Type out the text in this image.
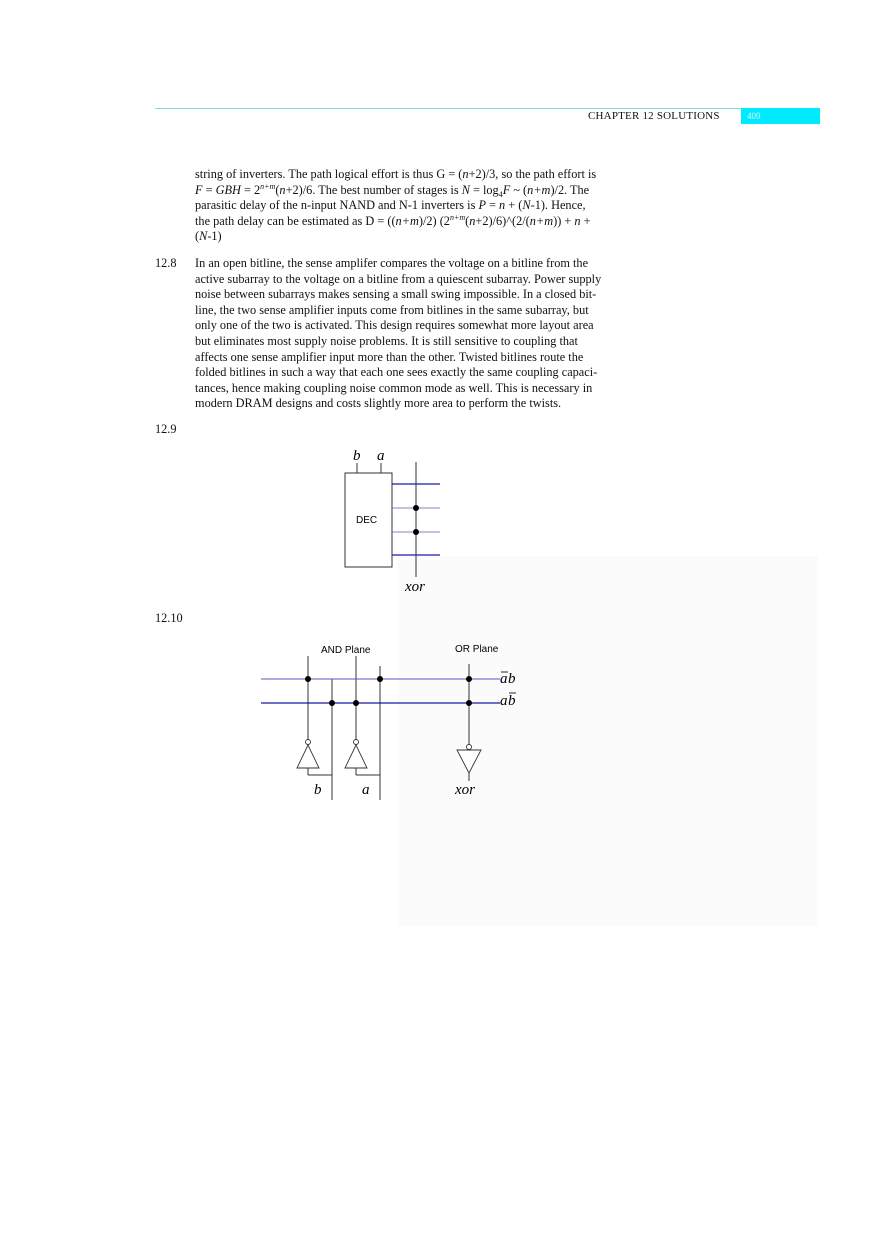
CHAPTER 12 SOLUTIONS	409
string of inverters. The path logical effort is thus G = (n+2)/3, so the path effort is
F = GBH = $2^{n+m}(n+2)/6$. The best number of stages is $N = \log_4F$ ~ (n+m)/2. The
parasitic delay of the n-input NAND and N-1 inverters is P = n + (N-1). Hence,
the path delay can be estimated as D = ((n+m)/2) $(2^{n+m}(n+2)/6)\^{}(2/(n+m)) + n$ +
(N-1)
12.8 In an open bitline, the sense amplifer compares the voltage on a bitline from the
active subarray to the voltage on a bitline from a quiescent subarray. Power supply
noise between subarrays makes sensing a small swing impossible. In a closed bit-
line, the two sense amplifier inputs come from bitlines in the same subarray, but
only one of the two is activated. This design requires somewhat more layout area
but eliminates most supply noise problems. It is still sensitive to coupling that
affects one sense amplifier input more than the other. Twisted bitlines route the
folded bitlines in such a way that each one sees exactly the same coupling capaci-
tances, hence making coupling noise common mode as well. This is necessary in
modern DRAM designs and costs slightly more area to perform the twists.
12.9
b a
DEC
xor
AND Plane	OR Plane
a b
a b
b	a	xor
12.10
